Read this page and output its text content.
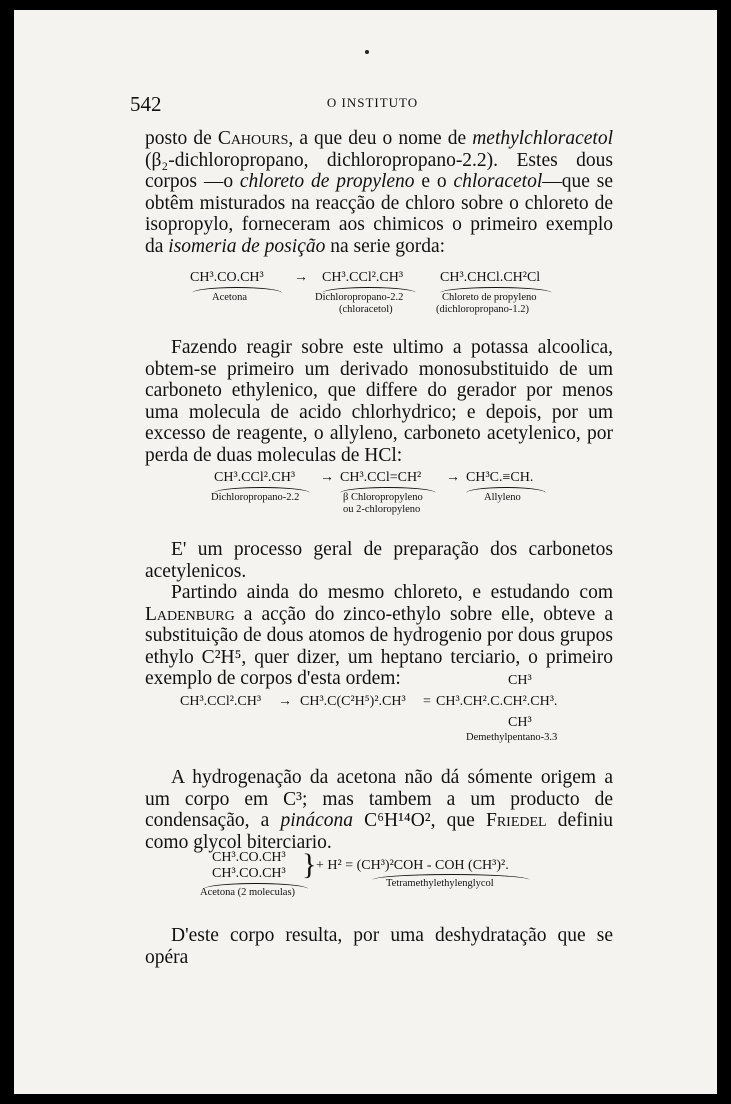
542	O INSTITUTO

posto de Cahours, a que deu o nome de methylchloracetol (β₂-dichloropropano, dichloropropano-2.2). Estes dous corpos —o chloreto de propyleno e o chloracetol—que se obtêm misturados na reacção de chloro sobre o chloreto de isopropylo, forneceram aos chimicos o primeiro exemplo da isomeria de posição na serie gorda:

CH³.CO.CH³ → CH³.CCl².CH³	CH³.CHCl.CH²Cl
Acetona	Dichloropropano-2.2
(chloracetol)
Chloreto de propyleno
(dichloropropano-1.2)

Fazendo reagir sobre este ultimo a potassa alcoolica, obtem-se primeiro um derivado monosubstituido de um carboneto ethylenico, que differe do gerador por menos uma molecula de acido chlorhydrico; e depois, por um excesso de reagente, o allyleno, carboneto acetylenico, por perda de duas moleculas de HCl:

CH³.CCl².CH³ → CH³.CCl=CH² → CH³C.≡CH.
Dichloropropano-2.2	β Chloropropyleno
ou 2-chloropyleno
Allyleno

E' um processo geral de preparação dos carbonetos acetylenicos.

Partindo ainda do mesmo chloreto, e estudando com Ladenburg a acção do zinco-ethylo sobre elle, obteve a substituição de dous atomos de hydrogenio por dous grupos ethylo C²H⁵, quer dizer, um heptano terciario, o primeiro exemplo de corpos d'esta ordem:	CH³
CH³.CCl².CH³ → CH³.C(C²H⁵)².CH³ = CH³.CH².C.CH².CH³.
CH³
Demethylpentano-3.3

A hydrogenação da acetona não dá sómente origem a um corpo em C³; mas tambem a um producto de condensação, a pinácona C⁶H¹⁴O², que Friedel definiu como glycol biterciario.

CH³.CO.CH³
CH³.CO.CH³ } + H² = (CH³)²COH - COH (CH³)².
Acetona (2 moleculas)
Tetramethylethylenglycol

D'este corpo resulta, por uma deshydratação que se opéra
